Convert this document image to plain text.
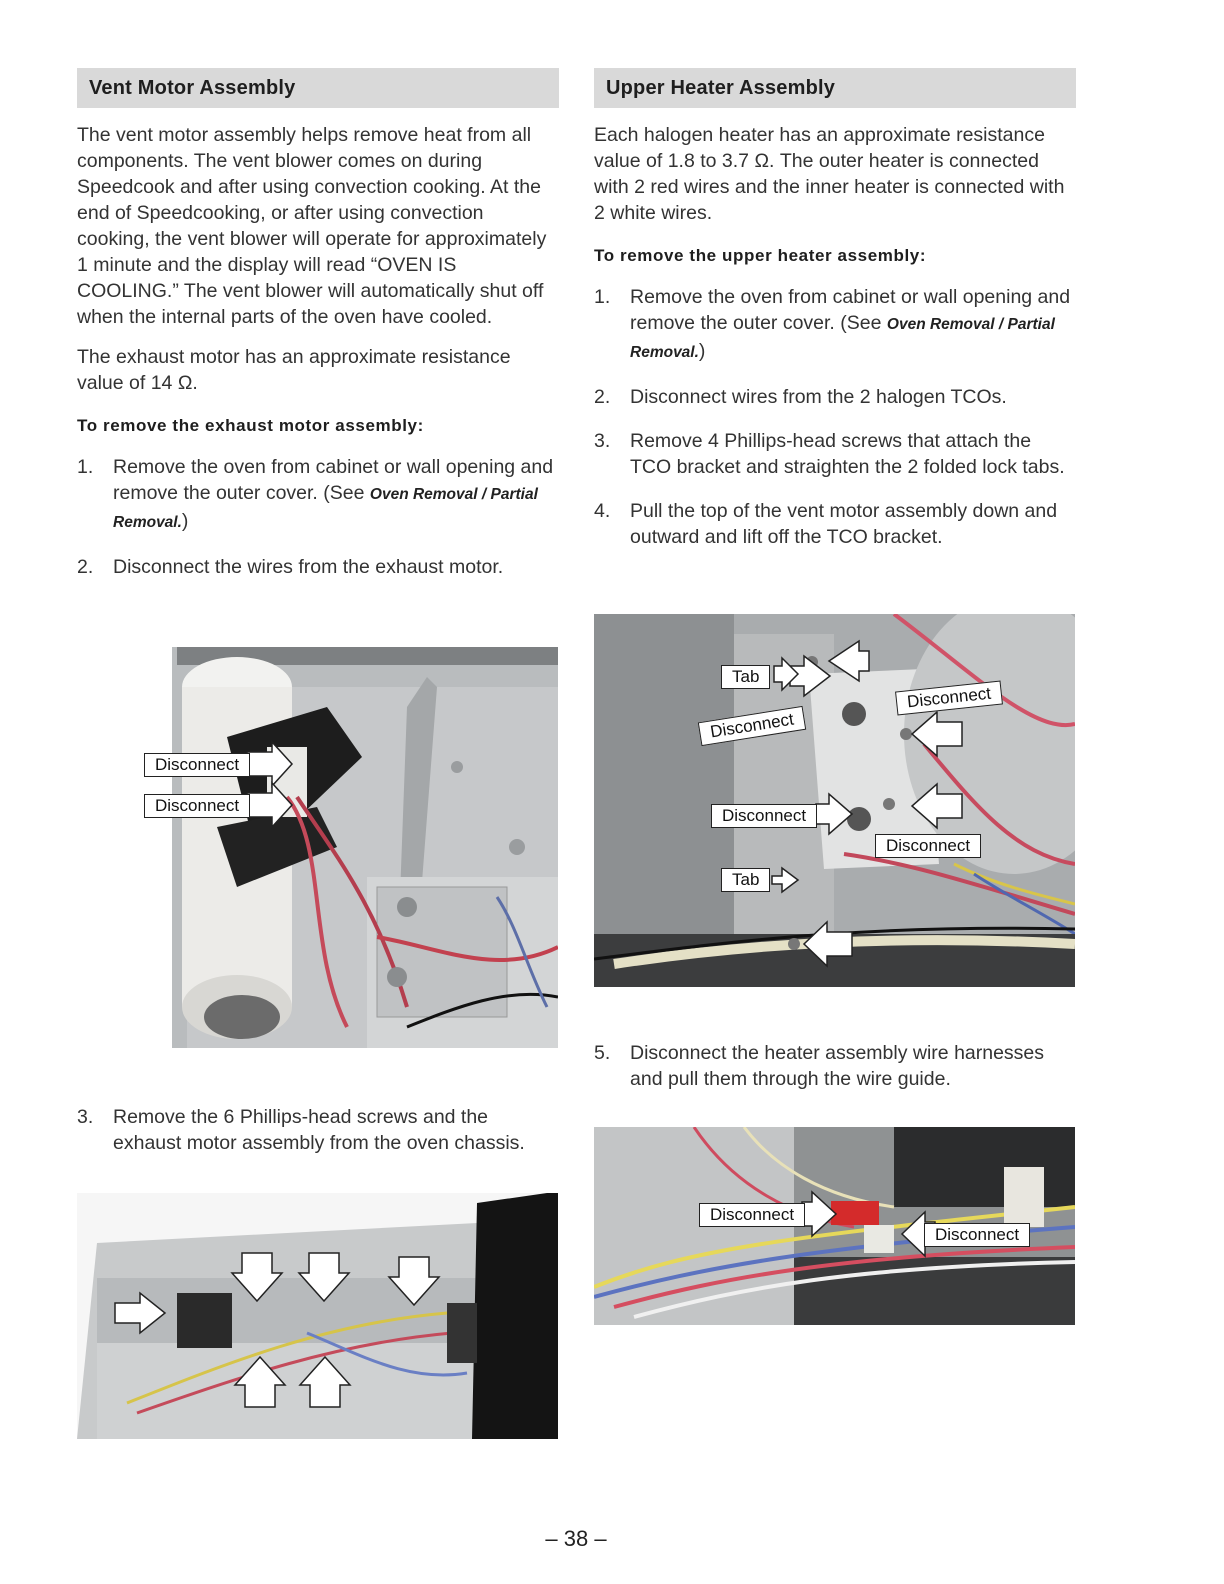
Vent Motor Assembly

The vent motor assembly helps remove heat from all components. The vent blower comes on during Speedcook and after using convection cooking. At the end of Speedcooking, or after using convection cooking, the vent blower will operate for approximately 1 minute and the display will read “OVEN IS COOLING.” The vent blower will automatically shut off when the internal parts of the oven have cooled.

The exhaust motor has an approximate resistance value of 14 Ω.

To remove the exhaust motor assembly:
1.	Remove the oven from cabinet or wall opening and remove the outer cover. (See Oven Removal / Partial Removal.)
2.	Disconnect the wires from the exhaust motor.
Disconnect
Disconnect
3.	Remove the 6 Phillips-head screws and the exhaust motor assembly from the oven chassis.
Upper Heater Assembly

Each halogen heater has an approximate resistance value of 1.8 to 3.7 Ω. The outer heater is connected with 2 red wires and the inner heater is connected with 2 white wires.

To remove the upper heater assembly:
1.	Remove the oven from cabinet or wall opening and remove the outer cover. (See Oven Removal / Partial Removal.)
2.	Disconnect wires from the 2 halogen TCOs.
3.	Remove 4 Phillips-head screws that attach the TCO bracket and straighten the 2 folded lock tabs.
4.	Pull the top of the vent motor assembly down and outward and lift off the TCO bracket.
Tab
Disconnect
Disconnect
Disconnect
Disconnect
Tab
5.	Disconnect the heater assembly wire harnesses and pull them through the wire guide.
Disconnect
Disconnect
– 38 –
